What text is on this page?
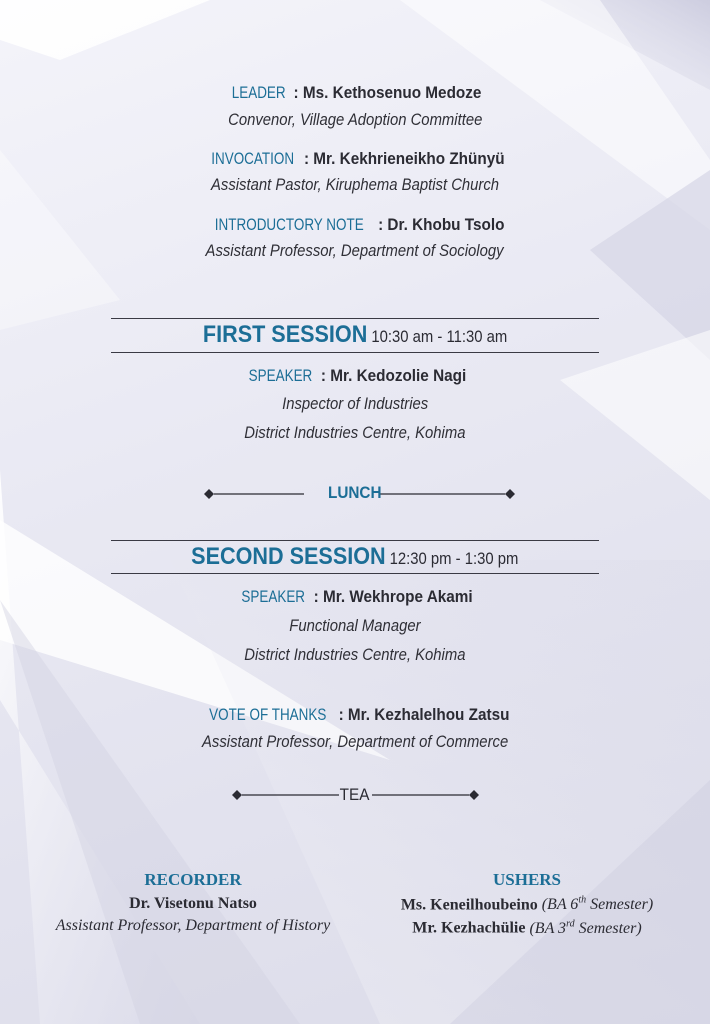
LEADER : Ms. Kethosenuo Medoze
Convenor, Village Adoption Committee
INVOCATION : Mr. Kekhrieneikho Zhünyü
Assistant Pastor, Kiruphema Baptist Church
INTRODUCTORY NOTE : Dr. Khobu Tsolo
Assistant Professor, Department of Sociology
FIRST SESSION 10:30 am - 11:30 am
SPEAKER : Mr. Kedozolie Nagi
Inspector of Industries
District Industries Centre, Kohima
LUNCH
SECOND SESSION 12:30 pm - 1:30 pm
SPEAKER : Mr. Wekhrope Akami
Functional Manager
District Industries Centre, Kohima
VOTE OF THANKS : Mr. Kezhalelhou Zatsu
Assistant Professor, Department of Commerce
TEA
RECORDER
Dr. Visetonu Natso
Assistant Professor, Department of History
USHERS
Ms. Keneilhoubeino (BA 6th Semester)
Mr. Kezhachülie (BA 3rd Semester)
